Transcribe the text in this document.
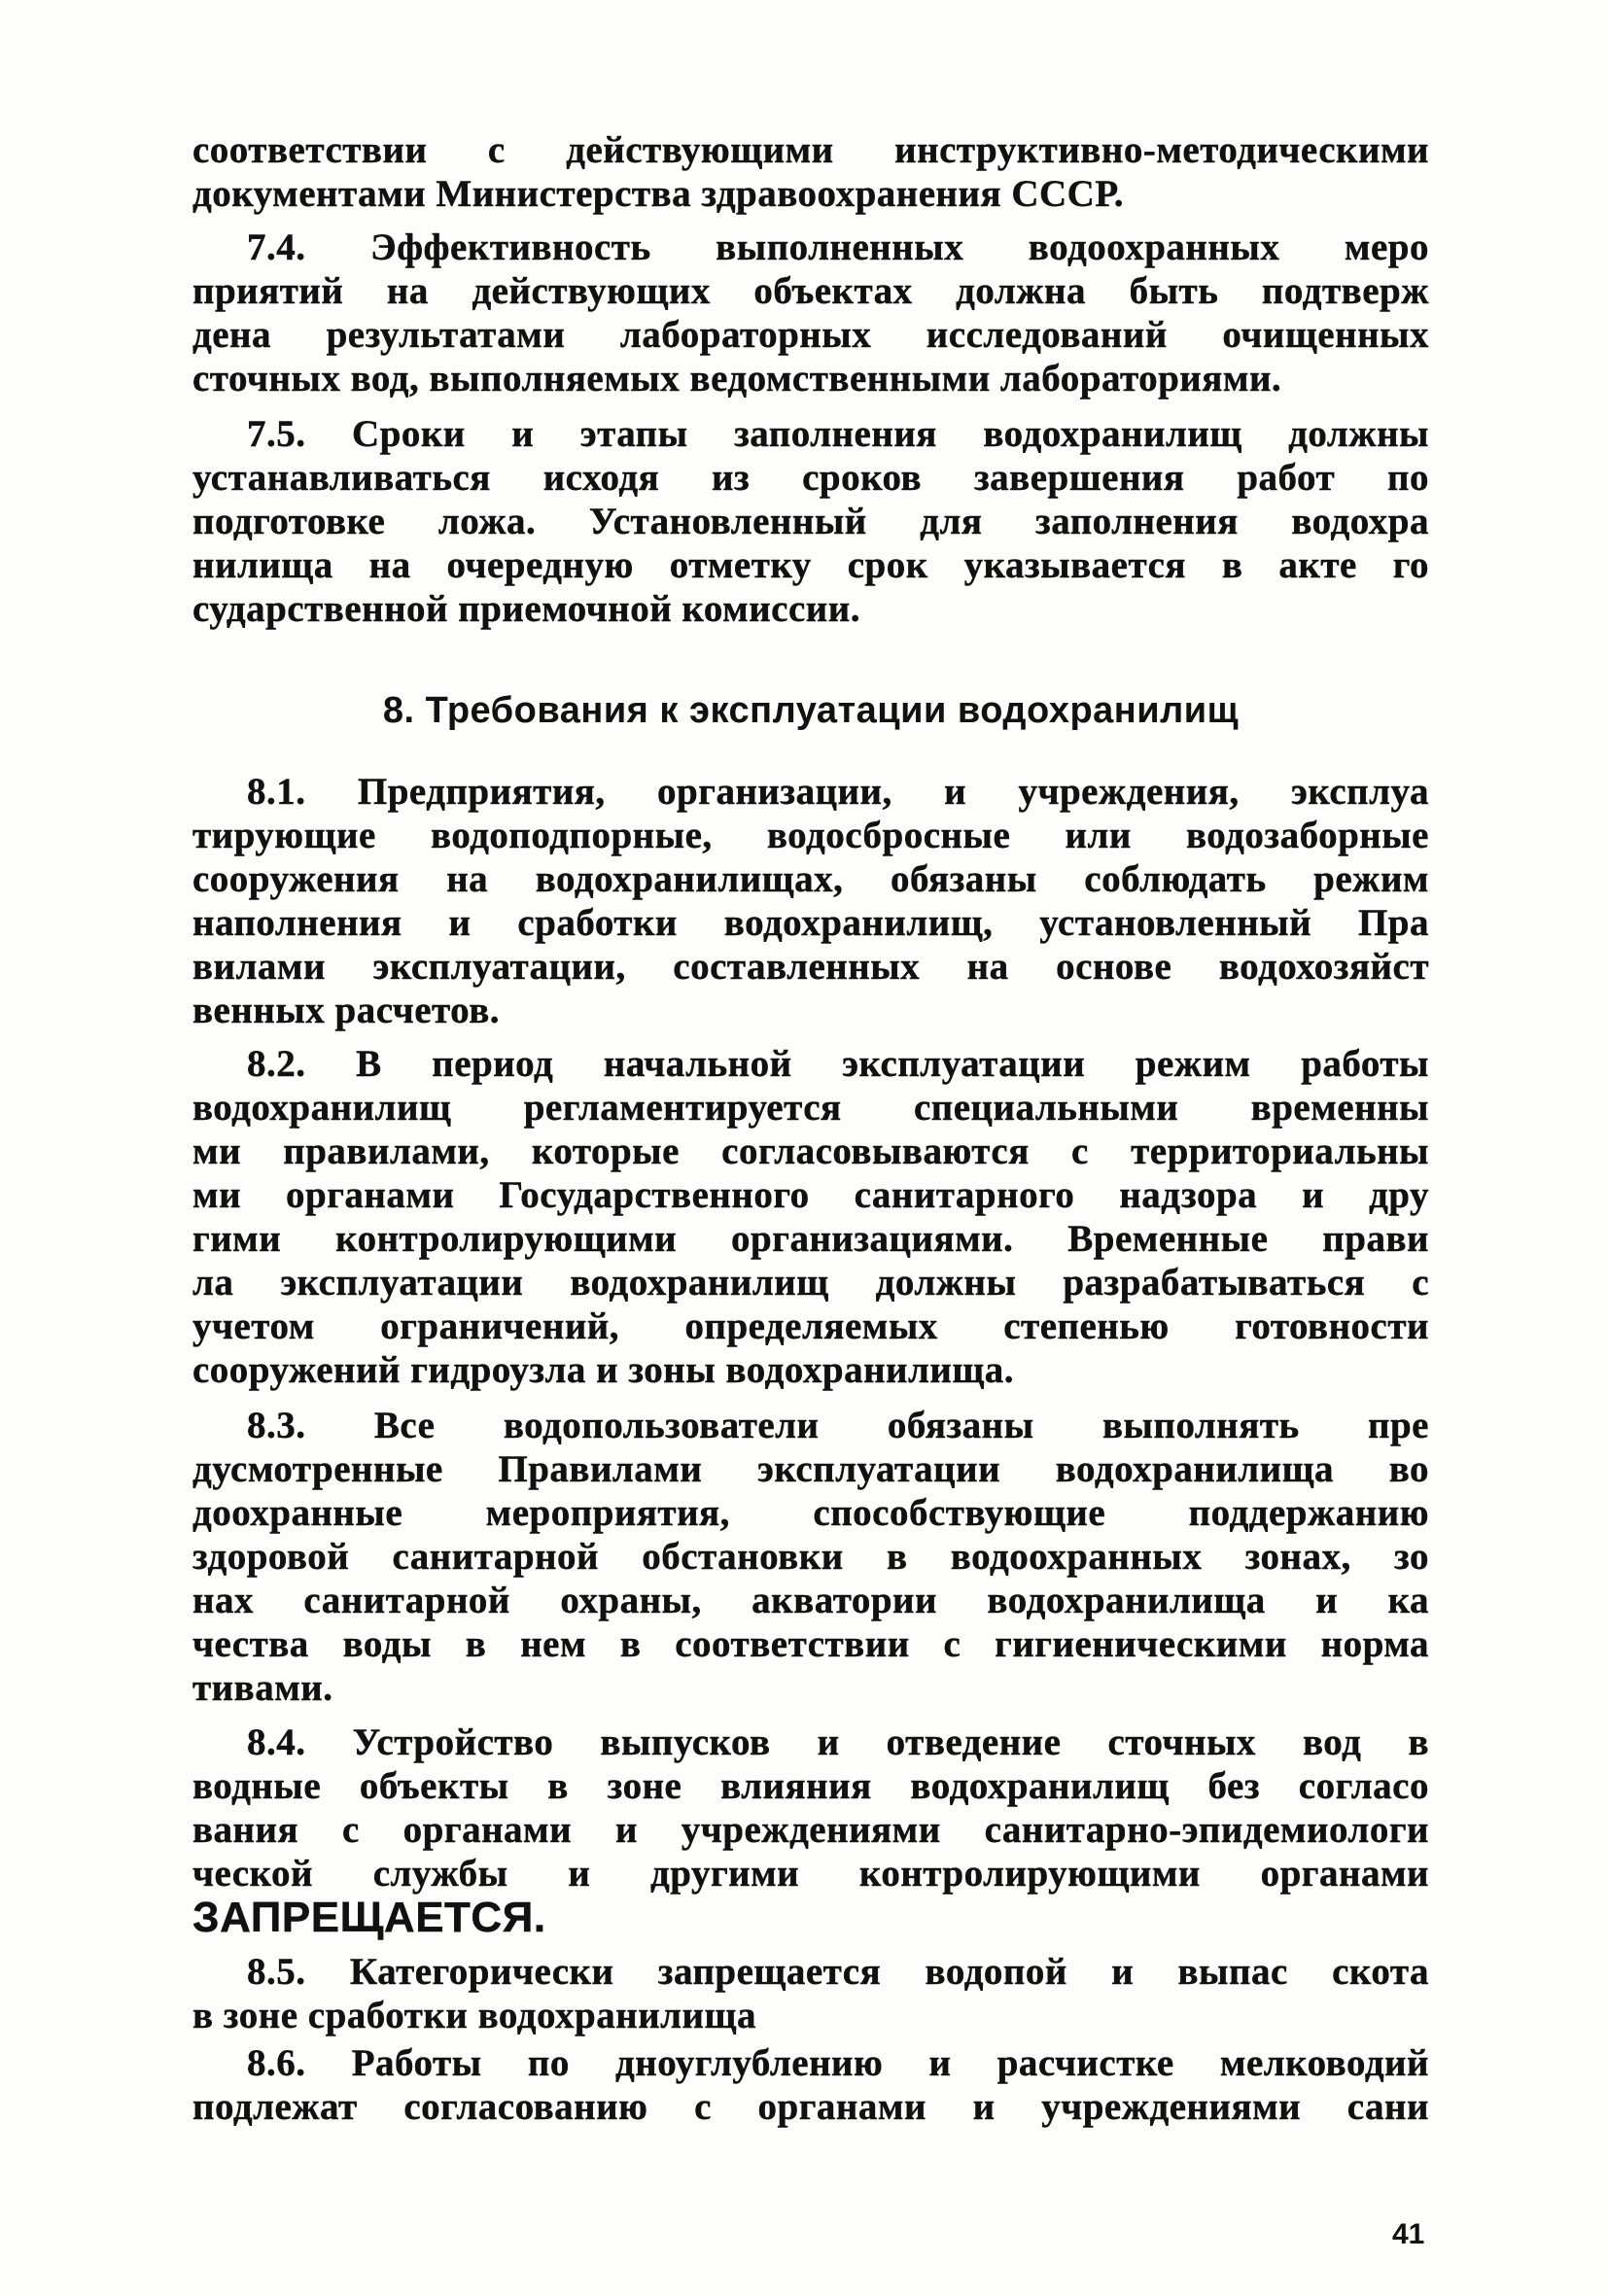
соответствии с действующими инструктивно-методическими
документами Министерства здравоохранения СССР.
7.4. Эффективность выполненных водоохранных меро
приятий на действующих объектах должна быть подтверж
дена результатами лабораторных исследований очищенных
сточных вод, выполняемых ведомственными лабораториями.
7.5. Сроки и этапы заполнения водохранилищ должны
устанавливаться исходя из сроков завершения работ по
подготовке ложа. Установленный для заполнения водохра
нилища на очередную отметку срок указывается в акте го
сударственной приемочной комиссии.
8. Требования к эксплуатации водохранилищ
8.1. Предприятия, организации, и учреждения, эксплуа
тирующие водоподпорные, водосбросные или водозаборные
сооружения на водохранилищах, обязаны соблюдать режим
наполнения и сработки водохранилищ, установленный Пра
вилами эксплуатации, составленных на основе водохозяйст
венных расчетов.
8.2. В период начальной эксплуатации режим работы
водохранилищ регламентируется специальными временны
ми правилами, которые согласовываются с территориальны
ми органами Государственного санитарного надзора и дру
гими контролирующими организациями. Временные прави
ла эксплуатации водохранилищ должны разрабатываться с
учетом ограничений, определяемых степенью готовности
сооружений гидроузла и зоны водохранилища.
8.3. Все водопользователи обязаны выполнять пре
дусмотренные Правилами эксплуатации водохранилища во
доохранные мероприятия, способствующие поддержанию
здоровой санитарной обстановки в водоохранных зонах, зо
нах санитарной охраны, акватории водохранилища и ка
чества воды в нем в соответствии с гигиеническими норма
тивами.
8.4. Устройство выпусков и отведение сточных вод в
водные объекты в зоне влияния водохранилищ без согласо
вания с органами и учреждениями санитарно-эпидемиологи
ческой службы и другими контролирующими органами
ЗАПРЕЩАЕТСЯ.
8.5. Категорически запрещается водопой и выпас скота
в зоне сработки водохранилища
8.6. Работы по дноуглублению и расчистке мелководий
подлежат согласованию с органами и учреждениями сани
41
